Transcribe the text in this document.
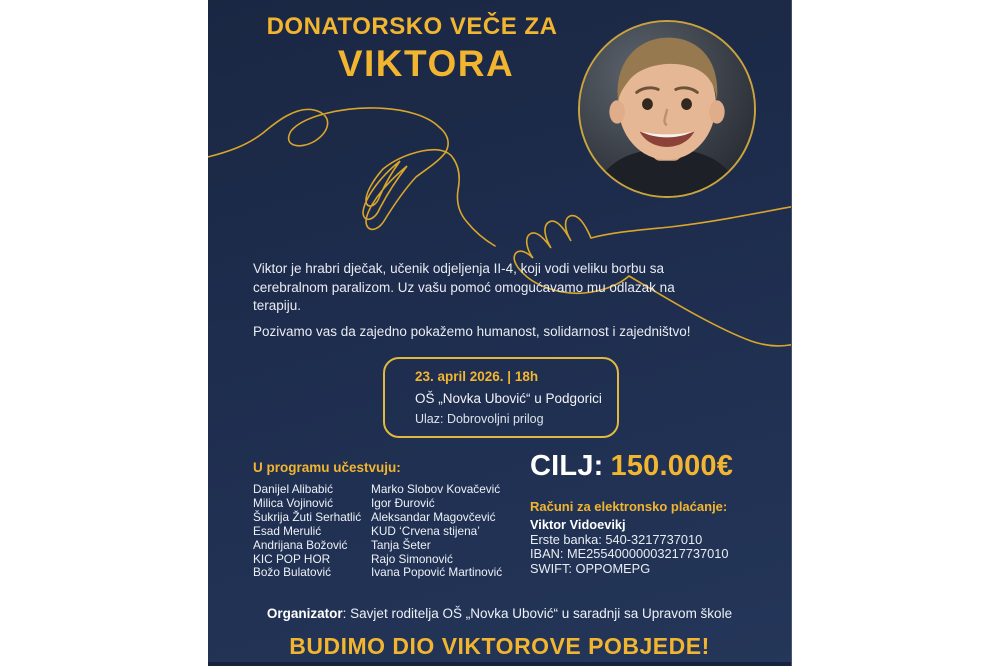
DONATORSKO VEČE ZA
VIKTORA
Viktor je hrabri dječak, učenik odjeljenja II-4, koji vodi veliku borbu sa cerebralnom paralizom. Uz vašu pomoć omogućavamo mu odlazak na terapiju.
Pozivamo vas da zajedno pokažemo humanost, solidarnost i zajedništvo!
23. april 2026. | 18h
OŠ „Novka Ubović“ u Podgorici
Ulaz: Dobrovoljni prilog
U programu učestvuju:
Danijel Alibabić
Milica Vojinović
Šukrija Žuti Serhatlić
Esad Merulić
Andrijana Božović
KIC POP HOR
Božo Bulatović
Marko Slobov Kovačević
Igor Đurović
Aleksandar Magovčević
KUD ‘Crvena stijena’
Tanja Šeter
Rajo Simonović
Ivana Popović Martinović
CILJ: 150.000€
Računi za elektronsko plaćanje:
Viktor Vidoevikj
Erste banka: 540-3217737010
IBAN: ME25540000003217737010
SWIFT: OPPOMEPG
Organizator: Savjet roditelja OŠ „Novka Ubović“ u saradnji sa Upravom škole
BUDIMO DIO VIKTOROVE POBJEDE!
